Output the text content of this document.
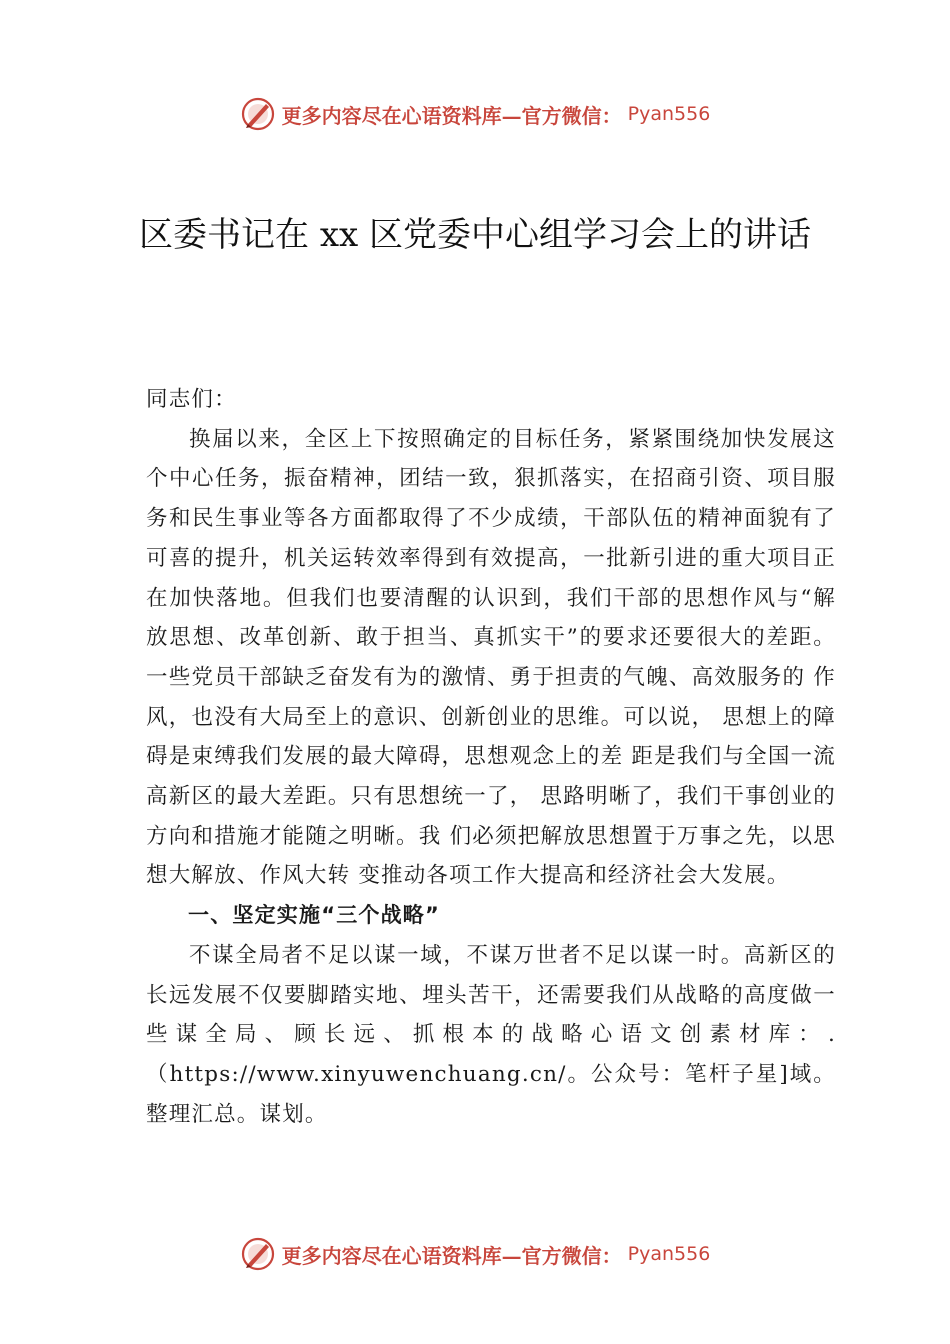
更多内容尽在心语资料库—官方微信： Pyan556
区委书记在 xx 区党委中心组学习会上的讲话

同志们：

换届以来，全区上下按照确定的目标任务，紧紧围绕加快发展这个中心任务，振奋精神，团结一致，狠抓落实，在招商引资、项目服务和民生事业等各方面都取得了不少成绩，干部队伍的精神面貌有了可喜的提升，机关运转效率得到有效提高，一批新引进的重大项目正在加快落地。但我们也要清醒的认识到，我们干部的思想作风与“解放思想、改革创新、敢于担当、真抓实干”的要求还要很大的差距。一些党员干部缺乏奋发有为的激情、勇于担责的气魄、高效服务的 作风，也没有大局至上的意识、创新创业的思维。可以说， 思想上的障碍是束缚我们发展的最大障碍，思想观念上的差 距是我们与全国一流高新区的最大差距。只有思想统一了， 思路明晰了，我们干事创业的方向和措施才能随之明晰。我 们必须把解放思想置于万事之先，以思想大解放、作风大转 变推动各项工作大提高和经济社会大发展。

一、坚定实施“三个战略”

不谋全局者不足以谋一域，不谋万世者不足以谋一时。高新区的长远发展不仅要脚踏实地、埋头苦干，还需要我们从战略的高度做一些谋全局、顾长远、抓根本的战略心语文创素材库：.（https://www.xinyuwenchuang.cn/。公众号：笔杆子星]域。整理汇总。谋划。

更多内容尽在心语资料库—官方微信： Pyan556
